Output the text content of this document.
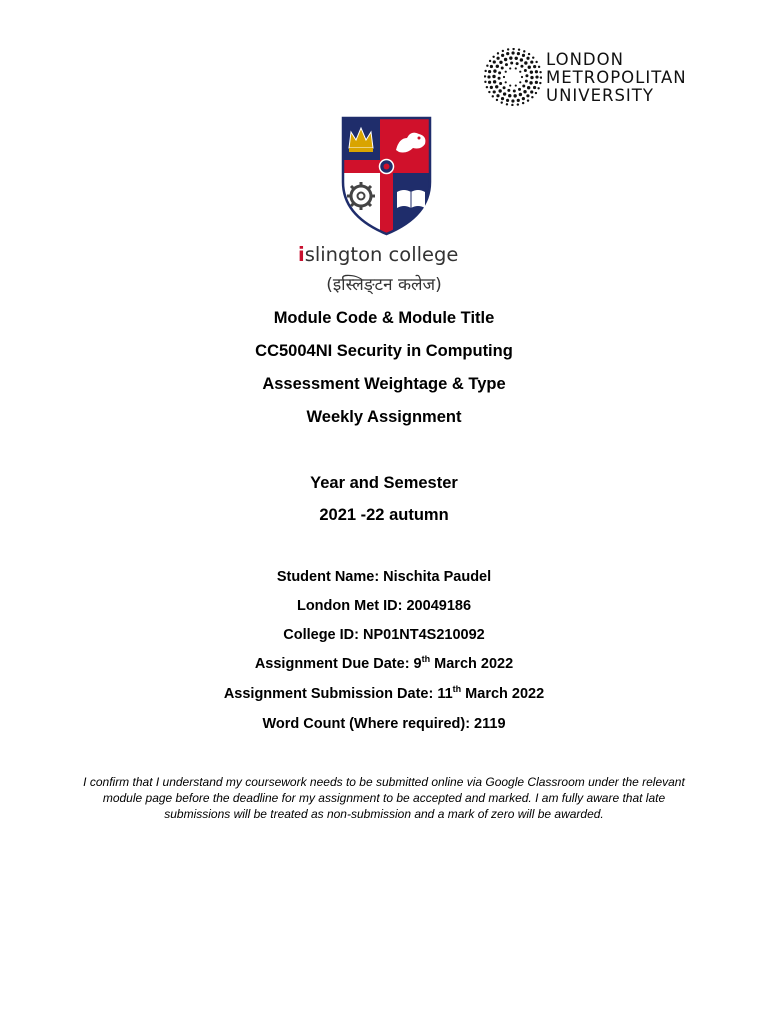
LONDON
METROPOLITAN
UNIVERSITY
islington college
(इस्लिङ्टन कलेज)
Module Code & Module Title
CC5004NI Security in Computing
Assessment Weightage & Type
Weekly Assignment
Year and Semester
2021 -22 autumn
Student Name: Nischita Paudel
London Met ID: 20049186
College ID: NP01NT4S210092
Assignment Due Date: 9th March 2022
Assignment Submission Date: 11th March 2022
Word Count (Where required): 2119
I confirm that I understand my coursework needs to be submitted online via Google Classroom under the relevant module page before the deadline for my assignment to be accepted and marked. I am fully aware that late submissions will be treated as non-submission and a mark of zero will be awarded.
